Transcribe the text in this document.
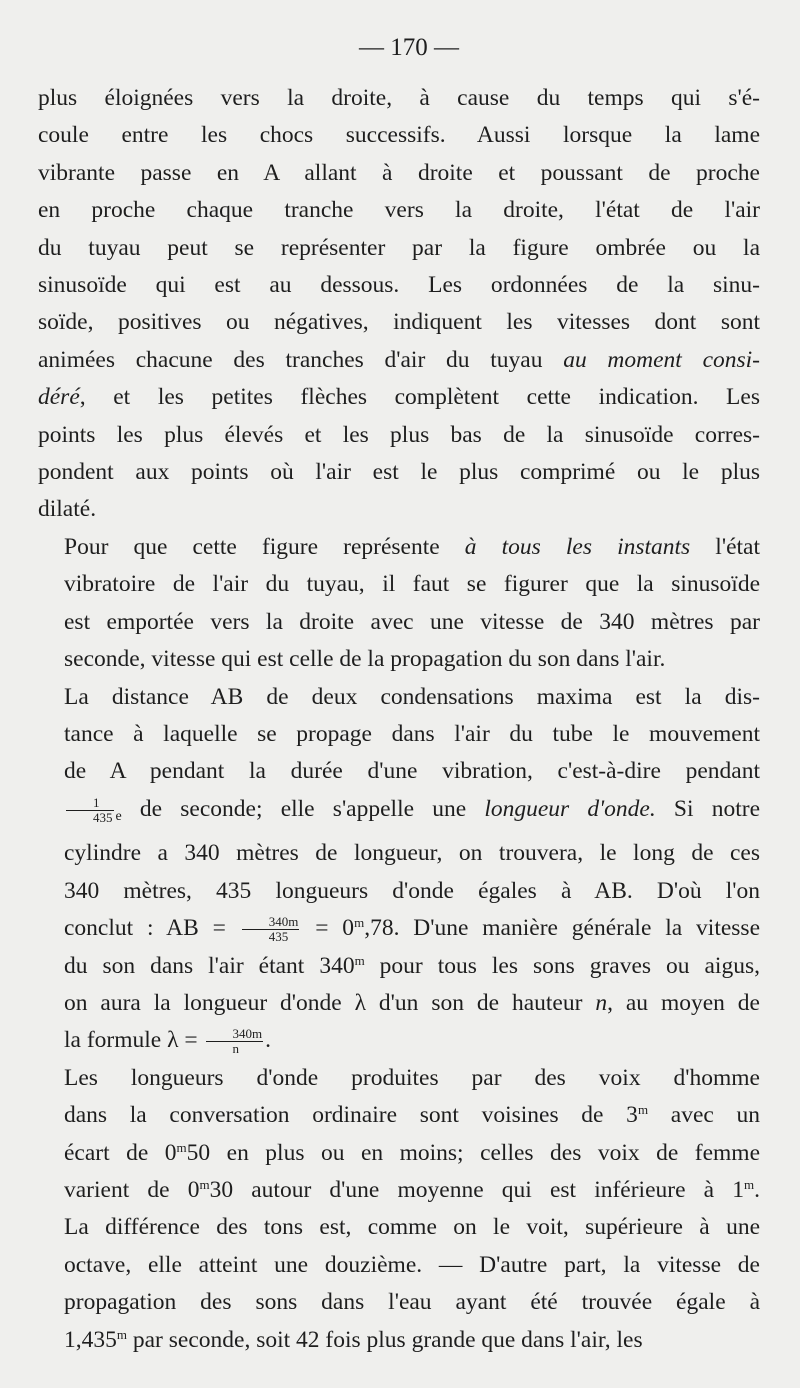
— 170 —
plus éloignées vers la droite, à cause du temps qui s'é-
coule entre les chocs successifs. Aussi lorsque la lame
vibrante passe en A allant à droite et poussant de proche
en proche chaque tranche vers la droite, l'état de l'air
du tuyau peut se représenter par la figure ombrée ou la
sinusoïde qui est au dessous. Les ordonnées de la sinu-
soïde, positives ou négatives, indiquent les vitesses dont sont
animées chacune des tranches d'air du tuyau au moment consi-
déré, et les petites flèches complètent cette indication. Les
points les plus élevés et les plus bas de la sinusoïde corres-
pondent aux points où l'air est le plus comprimé ou le plus
dilaté.
Pour que cette figure représente à tous les instants l'état
vibratoire de l'air du tuyau, il faut se figurer que la sinusoïde
est emportée vers la droite avec une vitesse de 340 mètres par
seconde, vitesse qui est celle de la propagation du son dans l'air.
La distance AB de deux condensations maxima est la dis-
tance à laquelle se propage dans l'air du tube le mouvement
de A pendant la durée d'une vibration, c'est-à-dire pendant
$\frac{1}{435} _e$ de seconde; elle s'appelle une longueur d'onde. Si notre
cylindre a 340 mètres de longueur, on trouvera, le long de ces
340 mètres, 435 longueurs d'onde égales à AB. D'où l'on
conclut : AB = $\frac{340m}{435} = 0^m,78$. D'une manière générale la vitesse
du son dans l'air étant 340$^m$ pour tous les sons graves ou aigus,
on aura la longueur d'onde λ d'un son de hauteur n, au moyen de
la formule $\lambda = \frac{340m}{n}$ .
Les longueurs d'onde produites par des voix d'homme
dans la conversation ordinaire sont voisines de 3$^m$ avec un
écart de 0$^m$50 en plus ou en moins; celles des voix de femme
varient de 0$^m$30 autour d'une moyenne qui est inférieure à 1$^m$.
La différence des tons est, comme on le voit, supérieure à une
octave, elle atteint une douzième. — D'autre part, la vitesse de
propagation des sons dans l'eau ayant été trouvée égale à
1,435$^m$ par seconde, soit 42 fois plus grande que dans l'air, les
